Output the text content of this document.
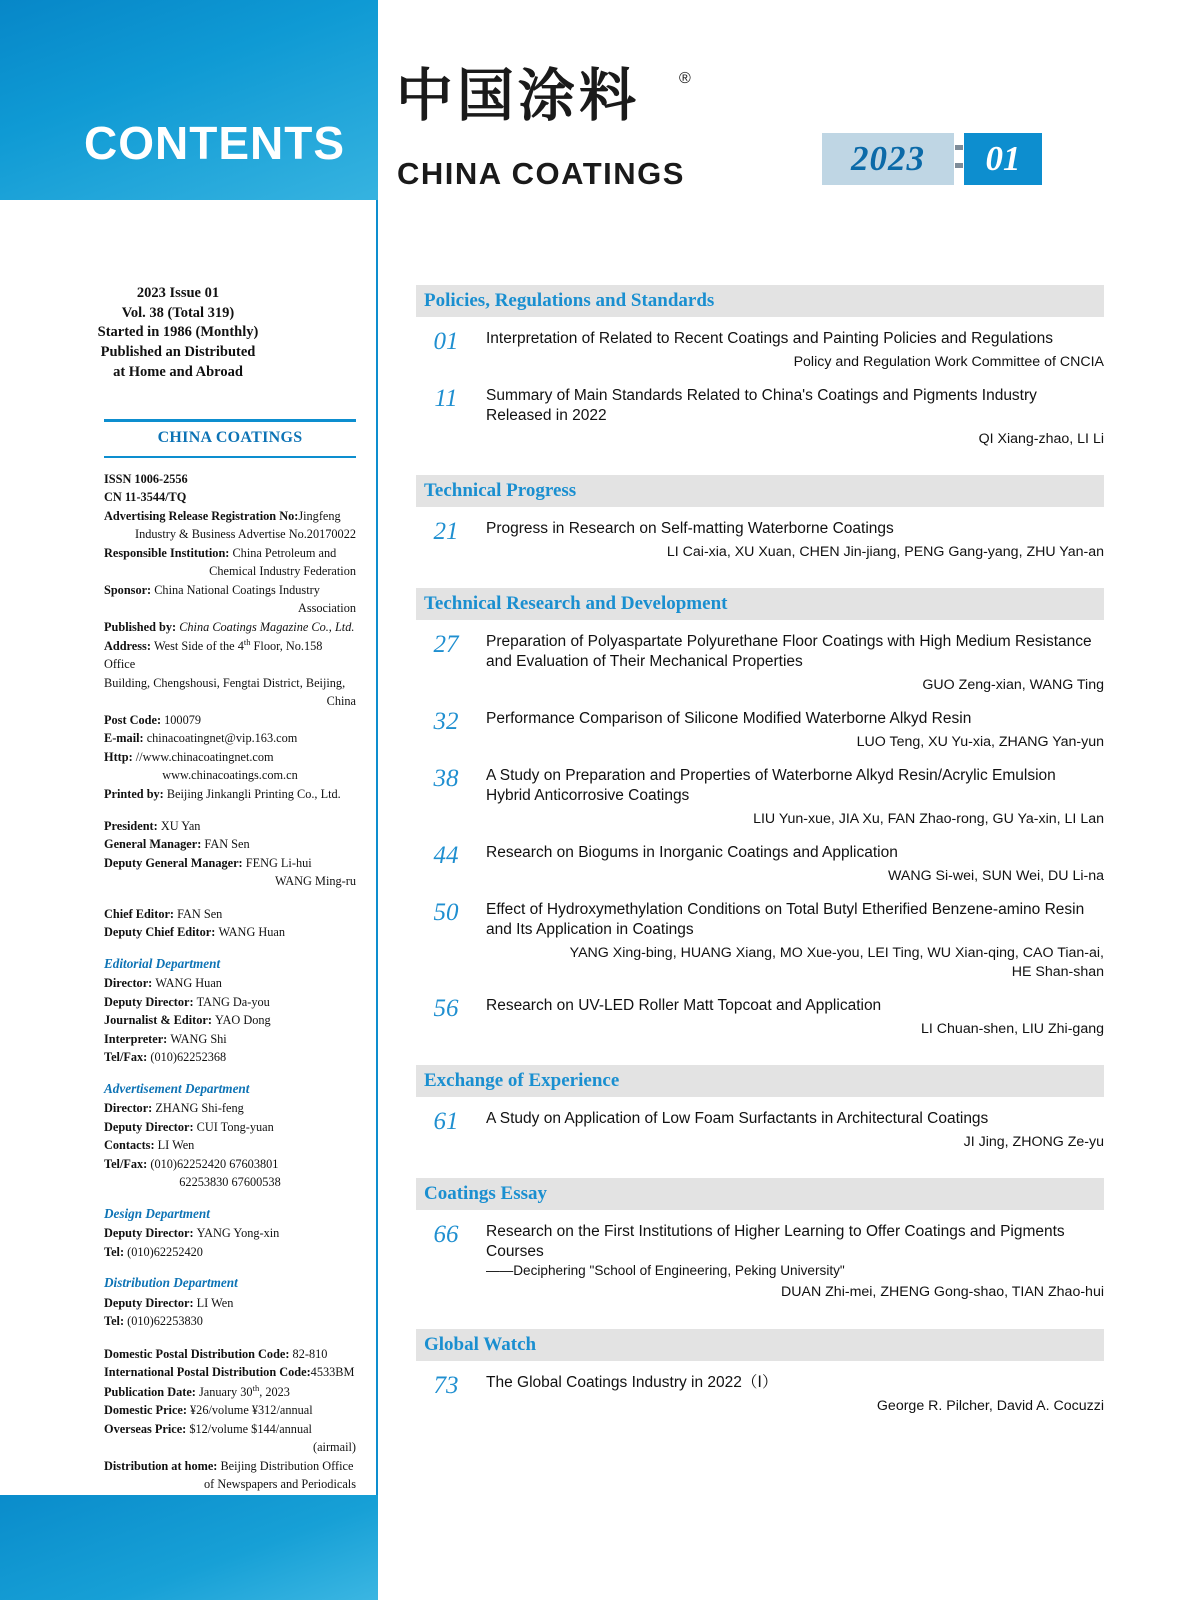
CONTENTS
中国涂料 ®
CHINA COATINGS	2023	01
2023 Issue 01
Vol. 38 (Total 319)
Started in 1986 (Monthly)
Published an Distributed
at Home and Abroad
CHINA COATINGS

ISSN 1006-2556

CN 11-3544/TQ

Advertising Release Registration No:Jingfeng

Industry & Business Advertise No.20170022

Responsible Institution: China Petroleum and

Chemical Industry Federation

Sponsor: China National Coatings Industry

Association

Published by: China Coatings Magazine Co., Ltd.

Address: West Side of the 4th Floor, No.158 Office

Building, Chengshousi, Fengtai District, Beijing,

China

Post Code: 100079

E-mail: chinacoatingnet@vip.163.com

Http: //www.chinacoatingnet.com

www.chinacoatings.com.cn

Printed by: Beijing Jinkangli Printing Co., Ltd.

President: XU Yan

General Manager: FAN Sen

Deputy General Manager: FENG Li-hui

WANG Ming-ru

Chief Editor: FAN Sen

Deputy Chief Editor: WANG Huan

Editorial Department

Director: WANG Huan

Deputy Director: TANG Da-you

Journalist & Editor: YAO Dong

Interpreter: WANG Shi

Tel/Fax: (010)62252368

Advertisement Department

Director: ZHANG Shi-feng

Deputy Director: CUI Tong-yuan

Contacts: LI Wen

Tel/Fax: (010)62252420 67603801

62253830 67600538

Design Department

Deputy Director: YANG Yong-xin

Tel: (010)62252420

Distribution Department

Deputy Director: LI Wen

Tel: (010)62253830

Domestic Postal Distribution Code: 82-810

International Postal Distribution Code:4533BM

Publication Date: January 30th, 2023

Domestic Price: ¥26/volume ¥312/annual

Overseas Price: $12/volume $144/annual

(airmail)

Distribution at home: Beijing Distribution Office

of Newspapers and Periodicals

Policies, Regulations and Standards
01	Interpretation of Related to Recent Coatings and Painting Policies and Regulations
Policy and Regulation Work Committee of CNCIA
11	Summary of Main Standards Related to China's Coatings and Pigments Industry Released in 2022
QI Xiang-zhao, LI Li
Technical Progress
21	Progress in Research on Self-matting Waterborne Coatings
LI Cai-xia, XU Xuan, CHEN Jin-jiang, PENG Gang-yang, ZHU Yan-an
Technical Research and Development
27	Preparation of Polyaspartate Polyurethane Floor Coatings with High Medium Resistance and Evaluation of Their Mechanical Properties
GUO Zeng-xian, WANG Ting
32	Performance Comparison of Silicone Modified Waterborne Alkyd Resin
LUO Teng, XU Yu-xia, ZHANG Yan-yun
38	A Study on Preparation and Properties of Waterborne Alkyd Resin/Acrylic Emulsion Hybrid Anticorrosive Coatings
LIU Yun-xue, JIA Xu, FAN Zhao-rong, GU Ya-xin, LI Lan
44	Research on Biogums in Inorganic Coatings and Application
WANG Si-wei, SUN Wei, DU Li-na
50	Effect of Hydroxymethylation Conditions on Total Butyl Etherified Benzene-amino Resin and Its Application in Coatings
YANG Xing-bing, HUANG Xiang, MO Xue-you, LEI Ting, WU Xian-qing, CAO Tian-ai,
HE Shan-shan
56	Research on UV-LED Roller Matt Topcoat and Application
LI Chuan-shen, LIU Zhi-gang
Exchange of Experience
61	A Study on Application of Low Foam Surfactants in Architectural Coatings
JI Jing, ZHONG Ze-yu
Coatings Essay
66	Research on the First Institutions of Higher Learning to Offer Coatings and Pigments Courses
——Deciphering "School of Engineering, Peking University"
DUAN Zhi-mei, ZHENG Gong-shao, TIAN Zhao-hui
Global Watch
73	The Global Coatings Industry in 2022（Ⅰ）
George R. Pilcher, David A. Cocuzzi
